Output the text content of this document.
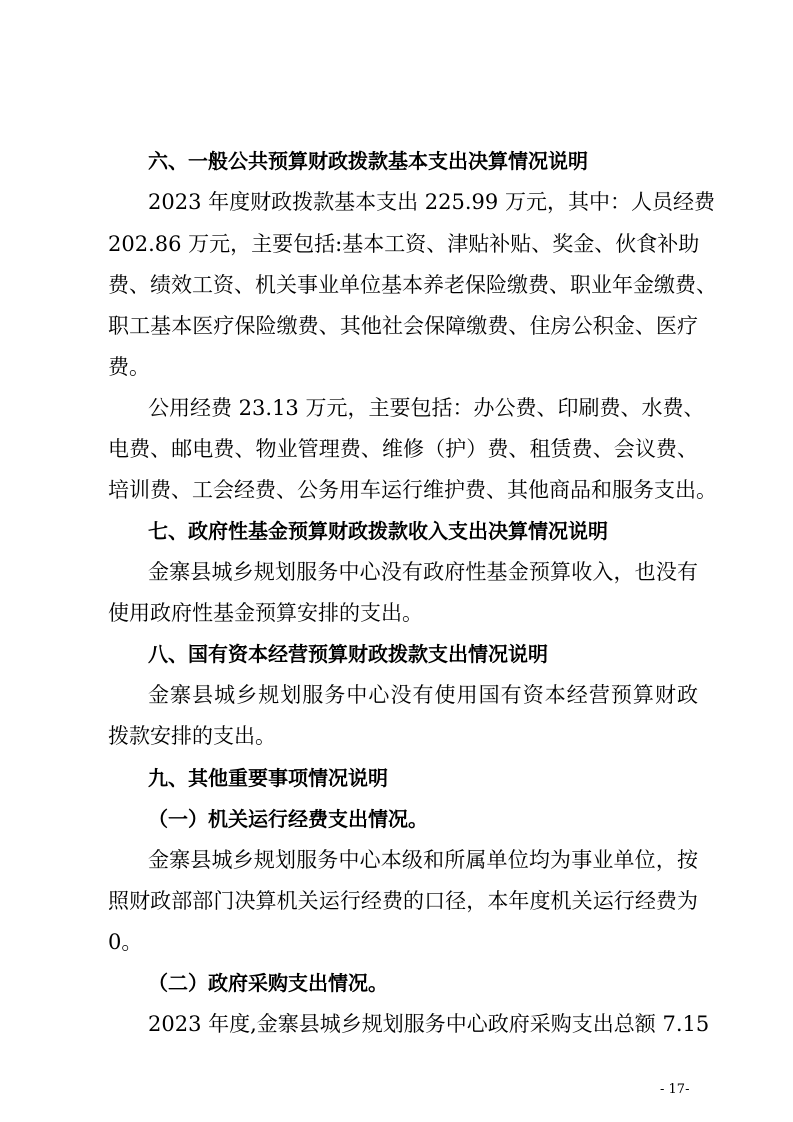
六、一般公共预算财政拨款基本支出决算情况说明
2023 年度财政拨款基本支出 225.99 万元，其中：人员经费
202.86 万元，主要包括:基本工资、津贴补贴、奖金、伙食补助
费、绩效工资、机关事业单位基本养老保险缴费、职业年金缴费、
职工基本医疗保险缴费、其他社会保障缴费、住房公积金、医疗
费。
公用经费 23.13 万元，主要包括：办公费、印刷费、水费、
电费、邮电费、物业管理费、维修（护）费、租赁费、会议费、
培训费、工会经费、公务用车运行维护费、其他商品和服务支出。
七、政府性基金预算财政拨款收入支出决算情况说明
金寨县城乡规划服务中心没有政府性基金预算收入，也没有
使用政府性基金预算安排的支出。
八、国有资本经营预算财政拨款支出情况说明
金寨县城乡规划服务中心没有使用国有资本经营预算财政
拨款安排的支出。
九、其他重要事项情况说明
（一）机关运行经费支出情况。
金寨县城乡规划服务中心本级和所属单位均为事业单位，按
照财政部部门决算机关运行经费的口径，本年度机关运行经费为
0。
（二）政府采购支出情况。
2023 年度,金寨县城乡规划服务中心政府采购支出总额 7.15
- 17-
